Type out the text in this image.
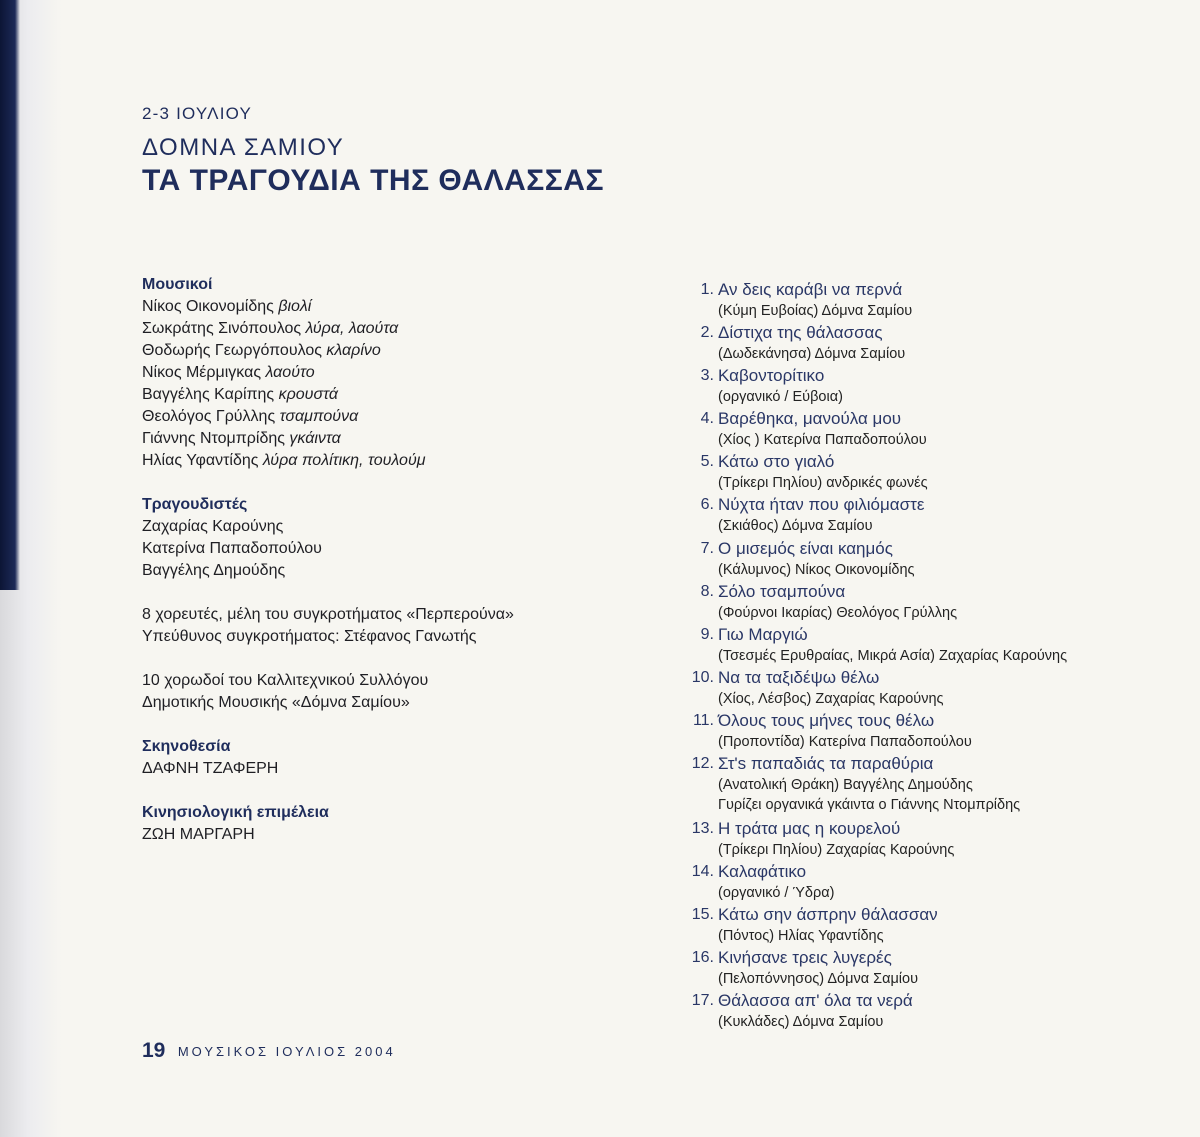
2-3 ΙΟΥΛΙΟΥ
ΔΟΜΝΑ ΣΑΜΙΟΥ
ΤΑ ΤΡΑΓΟΥΔΙΑ ΤΗΣ ΘΑΛΑΣΣΑΣ
Μουσικοί
Νίκος Οικονομίδης βιολί
Σωκράτης Σινόπουλος λύρα, λαούτα
Θοδωρής Γεωργόπουλος κλαρίνο
Νίκος Μέρμιγκας λαούτο
Βαγγέλης Καρίπης κρουστά
Θεολόγος Γρύλλης τσαμπούνα
Γιάννης Ντομπρίδης γκάιντα
Ηλίας Υφαντίδης λύρα πολίτικη, τουλούμ
Τραγουδιστές
Ζαχαρίας Καρούνης
Κατερίνα Παπαδοπούλου
Βαγγέλης Δημούδης
8 χορευτές, μέλη του συγκροτήματος «Περπερούνα»
Υπεύθυνος συγκροτήματος: Στέφανος Γανωτής
10 χορωδοί του Καλλιτεχνικού Συλλόγου
Δημοτικής Μουσικής «Δόμνα Σαμίου»
Σκηνοθεσία
ΔΑΦΝΗ ΤΖΑΦΕΡΗ
Κινησιολογική επιμέλεια
ΖΩΗ ΜΑΡΓΑΡΗ
1. Αν δεις καράβι να περνά
(Κύμη Ευβοίας) Δόμνα Σαμίου
2. Δίστιχα της θάλασσας
(Δωδεκάνησα) Δόμνα Σαμίου
3. Καβοντορίτικο
(οργανικό / Εύβοια)
4. Βαρέθηκα, μανούλα μου
(Χίος ) Κατερίνα Παπαδοπούλου
5. Κάτω στο γιαλό
(Τρίκερι Πηλίου) ανδρικές φωνές
6. Νύχτα ήταν που φιλιόμαστε
(Σκιάθος) Δόμνα Σαμίου
7. Ο μισεμός είναι καημός
(Κάλυμνος) Νίκος Οικονομίδης
8. Σόλο τσαμπούνα
(Φούρνοι Ικαρίας) Θεολόγος Γρύλλης
9. Γιω Μαργιώ
(Τσεσμές Ερυθραίας, Μικρά Ασία) Ζαχαρίας Καρούνης
10. Να τα ταξιδέψω θέλω
(Χίος, Λέσβος) Ζαχαρίας Καρούνης
11. Όλους τους μήνες τους θέλω
(Προποντίδα) Κατερίνα Παπαδοπούλου
12. Στ's παπαδιάς τα παραθύρια
(Ανατολική Θράκη) Βαγγέλης Δημούδης
Γυρίζει οργανικά γκάιντα ο Γιάννης Ντομπρίδης
13. Η τράτα μας η κουρελού
(Τρίκερι Πηλίου) Ζαχαρίας Καρούνης
14. Καλαφάτικο
(οργανικό / Ύδρα)
15. Κάτω σην άσπρην θάλασσαν
(Πόντος) Ηλίας Υφαντίδης
16. Κινήσανε τρεις λυγερές
(Πελοπόννησος) Δόμνα Σαμίου
17. Θάλασσα απ' όλα τα νερά
(Κυκλάδες) Δόμνα Σαμίου
19 ΜΟΥΣΙΚΟΣ ΙΟΥΛΙΟΣ 2004
